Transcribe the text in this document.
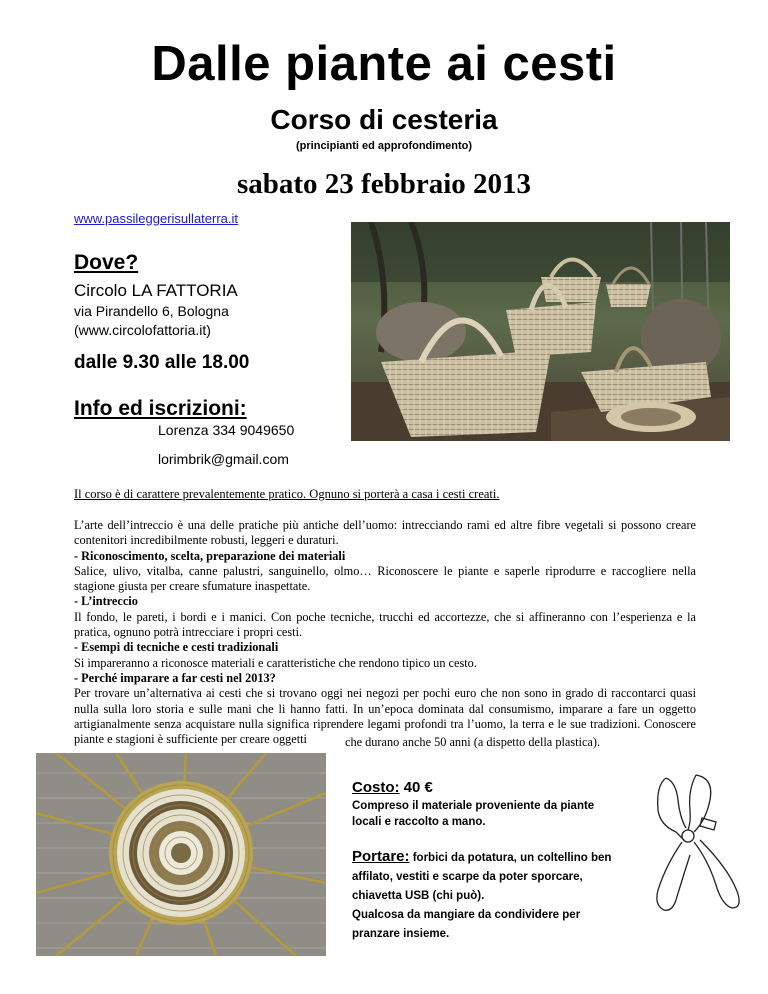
Dalle piante ai cesti
Corso di cesteria
(principianti ed approfondimento)
sabato 23 febbraio 2013
www.passileggerisullaterra.it
Dove?
Circolo LA FATTORIA
via Pirandello 6, Bologna
(www.circolofattoria.it)
dalle 9.30 alle 18.00
Info ed iscrizioni:
Lorenza 334 9049650
lorimbrik@gmail.com
Il corso è di carattere prevalentemente pratico. Ognuno si porterà a casa i cesti creati.

L’arte dell’intreccio è una delle pratiche più antiche dell’uomo: intrecciando rami ed altre fibre vegetali si possono creare contenitori incredibilmente robusti, leggeri e duraturi.

- Riconoscimento, scelta, preparazione dei materiali

Salice, ulivo, vitalba, canne palustri, sanguinello, olmo… Riconoscere le piante e saperle riprodurre e raccogliere nella stagione giusta per creare sfumature inaspettate.

- L’intreccio

Il fondo, le pareti, i bordi e i manici. Con poche tecniche, trucchi ed accortezze, che si affineranno con l’esperienza e la pratica, ognuno potrà intrecciare i propri cesti.

- Esempi di tecniche e cesti tradizionali

Si impareranno a riconosce materiali e caratteristiche che rendono tipico un cesto.

- Perché imparare a far cesti nel 2013?

Per trovare un’alternativa ai cesti che si trovano oggi nei negozi per pochi euro che non sono in grado di raccontarci quasi nulla sulla loro storia e sulle mani che li hanno fatti. In un’epoca dominata dal consumismo, imparare a fare un oggetto artigianalmente senza acquistare nulla significa riprendere legami profondi tra l’uomo, la terra e le sue tradizioni. Conoscere piante e stagioni è sufficiente per creare oggetti	che durano anche 50 anni (a dispetto della plastica).
Costo: 40 €
Compreso il materiale proveniente da piante locali e raccolto a mano.
Portare: forbici da potatura, un coltellino ben affilato, vestiti e scarpe da poter sporcare, chiavetta USB (chi può).
Qualcosa da mangiare da condividere per pranzare insieme.
